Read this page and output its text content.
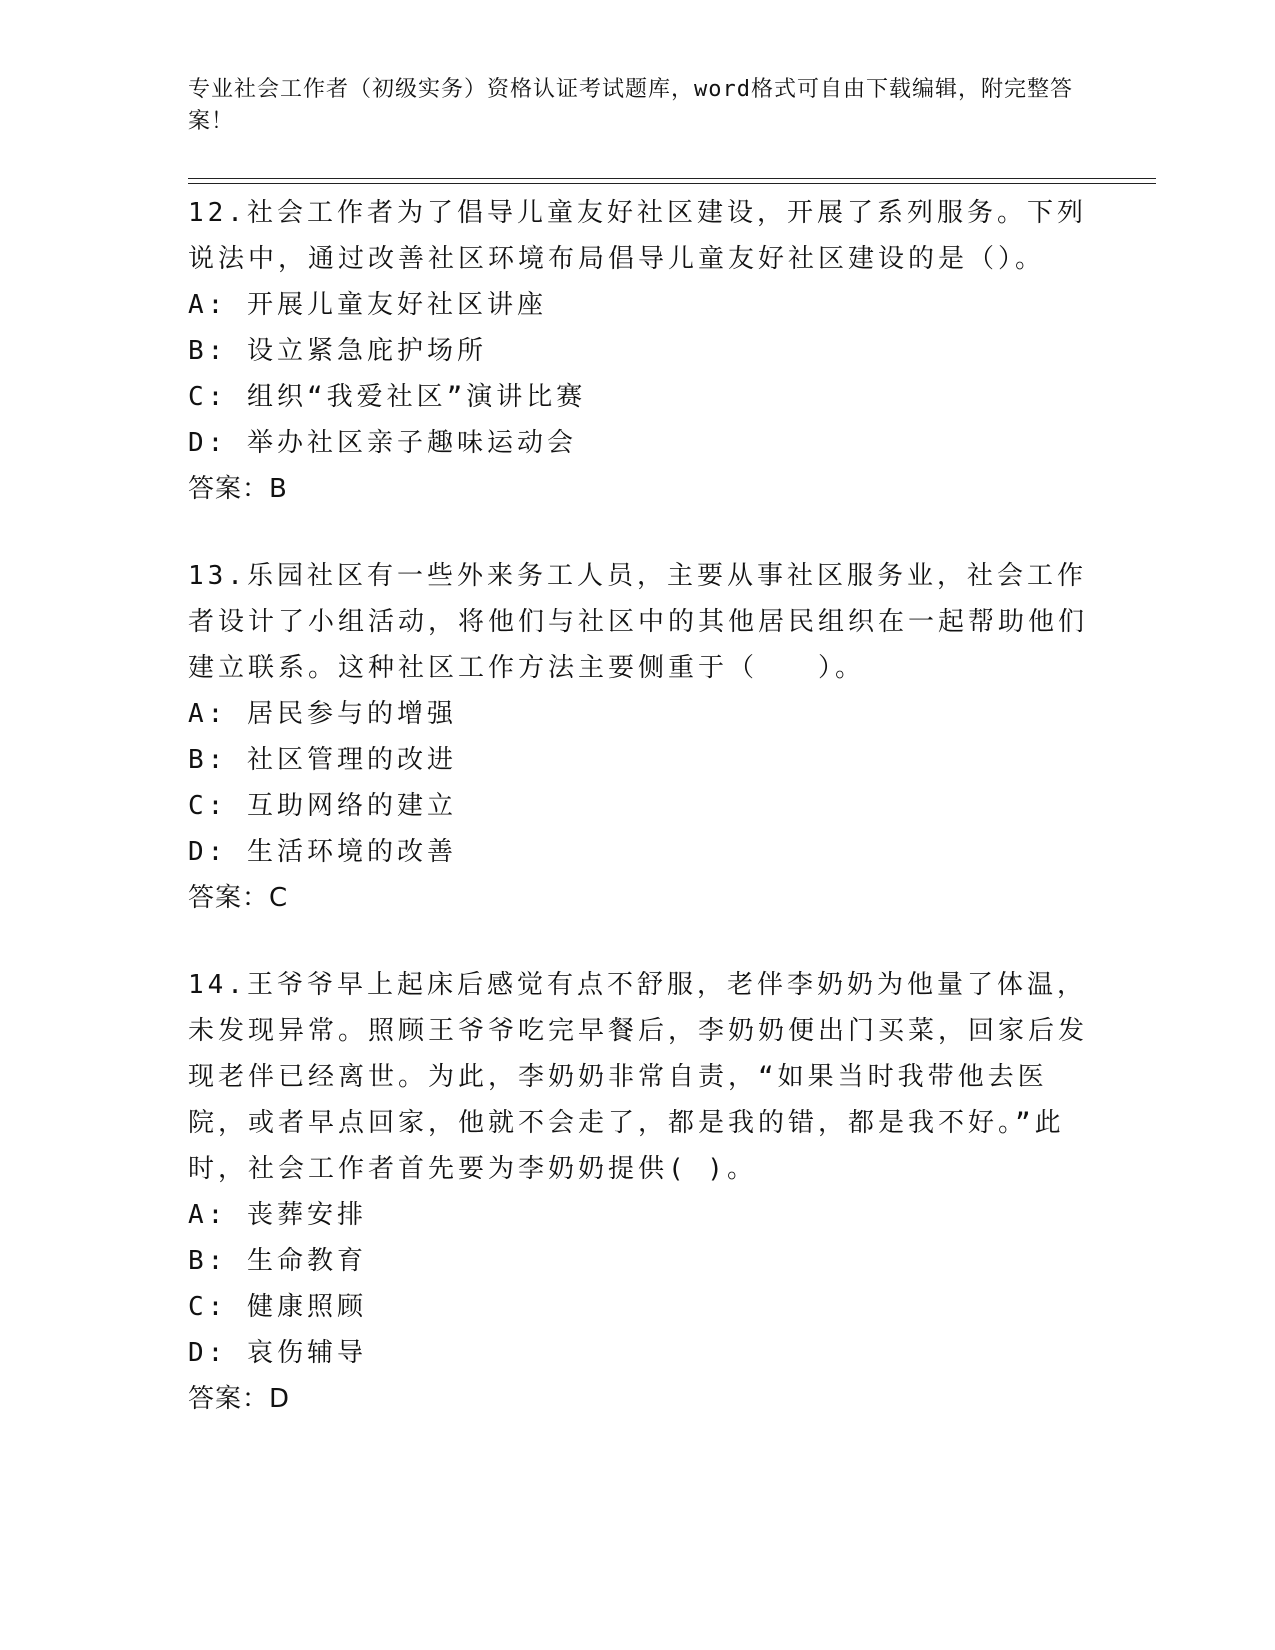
专业社会工作者（初级实务）资格认证考试题库，word格式可自由下载编辑，附完整答案！
12.社会工作者为了倡导儿童友好社区建设，开展了系列服务。下列说法中，通过改善社区环境布局倡导儿童友好社区建设的是（）。
A: 开展儿童友好社区讲座
B: 设立紧急庇护场所
C: 组织“我爱社区”演讲比赛
D: 举办社区亲子趣味运动会
答案：B
13.乐园社区有一些外来务工人员，主要从事社区服务业，社会工作者设计了小组活动，将他们与社区中的其他居民组织在一起帮助他们建立联系。这种社区工作方法主要侧重于（　　）。
A: 居民参与的增强
B: 社区管理的改进
C: 互助网络的建立
D: 生活环境的改善
答案：C
14.王爷爷早上起床后感觉有点不舒服，老伴李奶奶为他量了体温，未发现异常。照顾王爷爷吃完早餐后，李奶奶便出门买菜，回家后发现老伴已经离世。为此，李奶奶非常自责，“如果当时我带他去医院，或者早点回家，他就不会走了，都是我的错，都是我不好。”此时，社会工作者首先要为李奶奶提供( )。
A: 丧葬安排
B: 生命教育
C: 健康照顾
D: 哀伤辅导
答案：D
